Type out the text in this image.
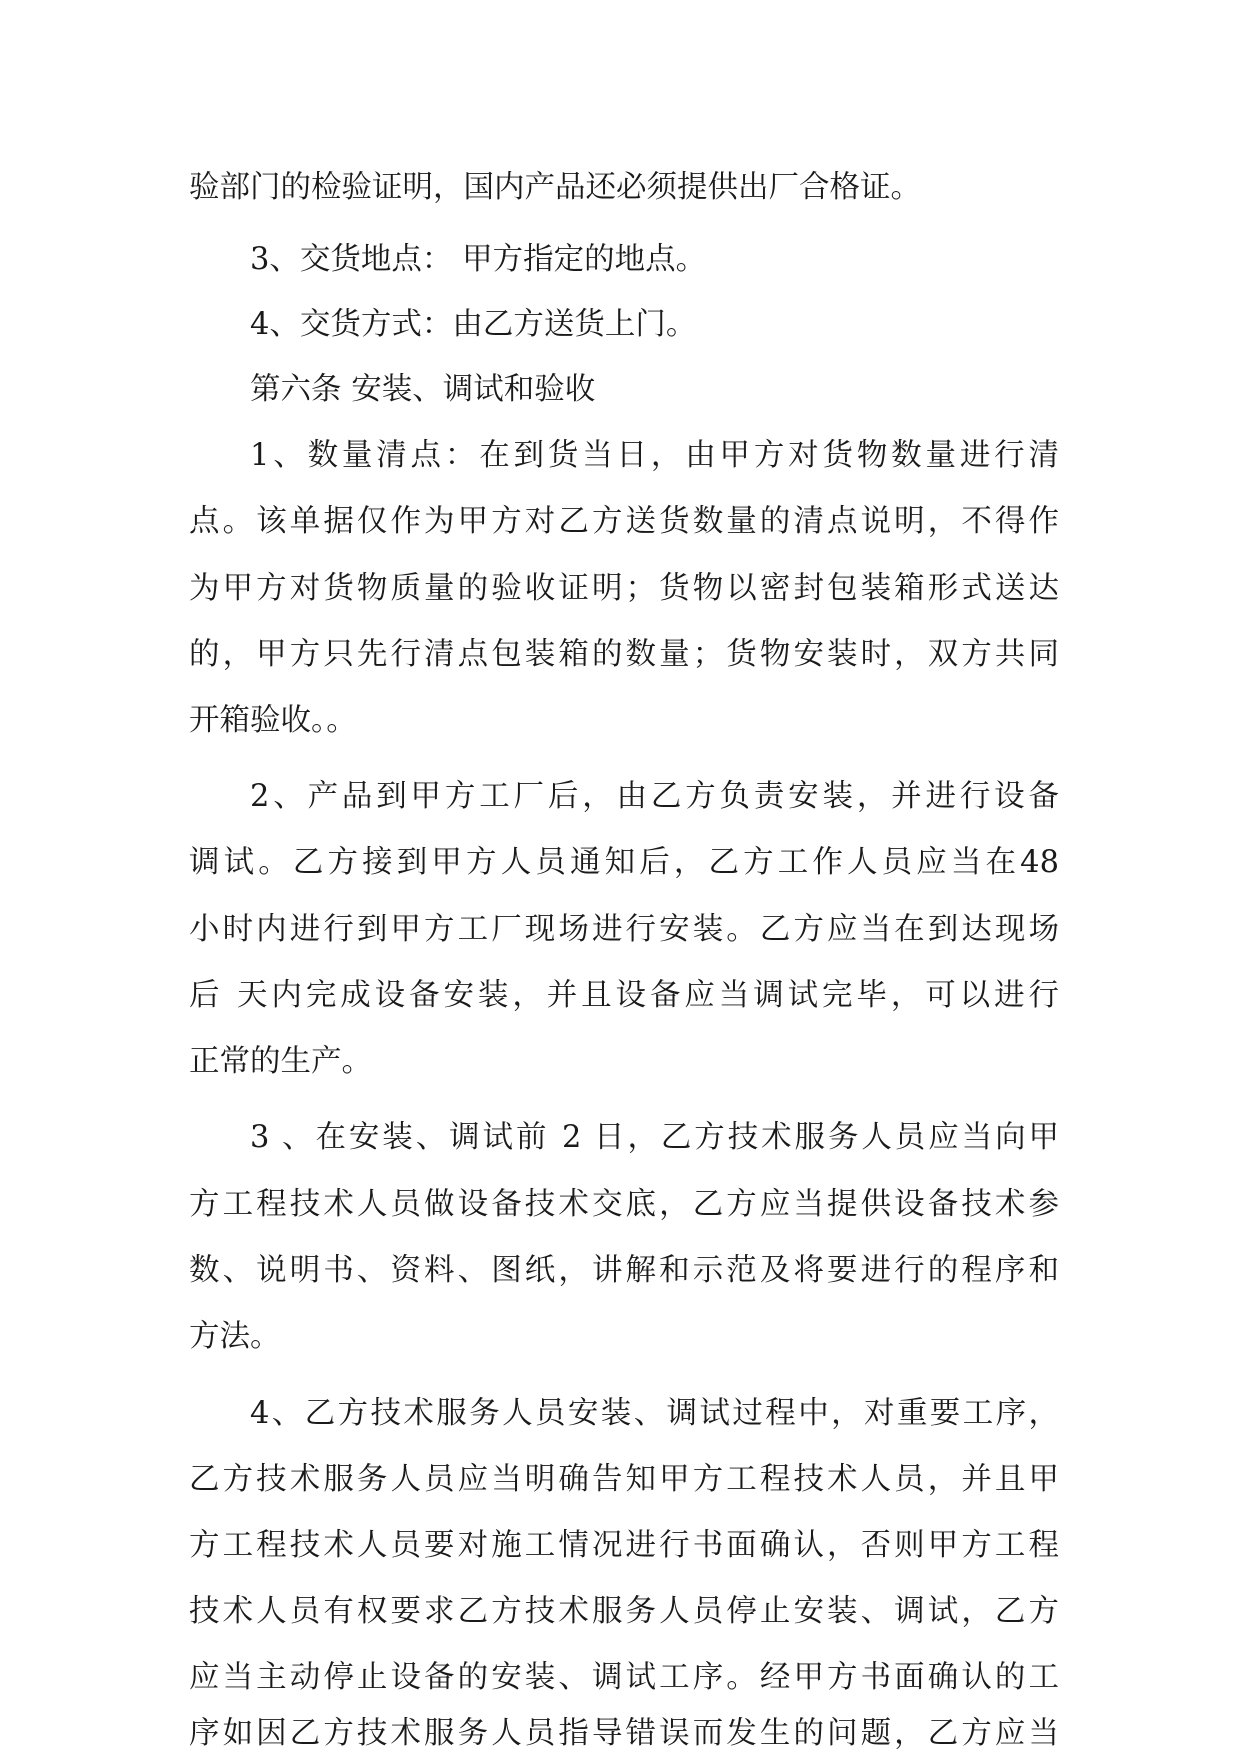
验部门的检验证明，国内产品还必须提供出厂合格证。
3、交货地点： 甲方指定的地点。
4、交货方式：由乙方送货上门。
第六条 安装、调试和验收
1、数量清点：在到货当日，由甲方对货物数量进行清
点。该单据仅作为甲方对乙方送货数量的清点说明，不得作
为甲方对货物质量的验收证明；货物以密封包装箱形式送达
的，甲方只先行清点包装箱的数量；货物安装时，双方共同
开箱验收。。
2、产品到甲方工厂后，由乙方负责安装，并进行设备
调试。乙方接到甲方人员通知后，乙方工作人员应当在48
小时内进行到甲方工厂现场进行安装。乙方应当在到达现场
后 天内完成设备安装，并且设备应当调试完毕，可以进行
正常的生产。
3 、在安装、调试前 2 日，乙方技术服务人员应当向甲
方工程技术人员做设备技术交底，乙方应当提供设备技术参
数、说明书、资料、图纸，讲解和示范及将要进行的程序和
方法。
4、乙方技术服务人员安装、调试过程中，对重要工序，
乙方技术服务人员应当明确告知甲方工程技术人员，并且甲
方工程技术人员要对施工情况进行书面确认，否则甲方工程
技术人员有权要求乙方技术服务人员停止安装、调试，乙方
应当主动停止设备的安装、调试工序。经甲方书面确认的工
序如因乙方技术服务人员指导错误而发生的问题，乙方应当
